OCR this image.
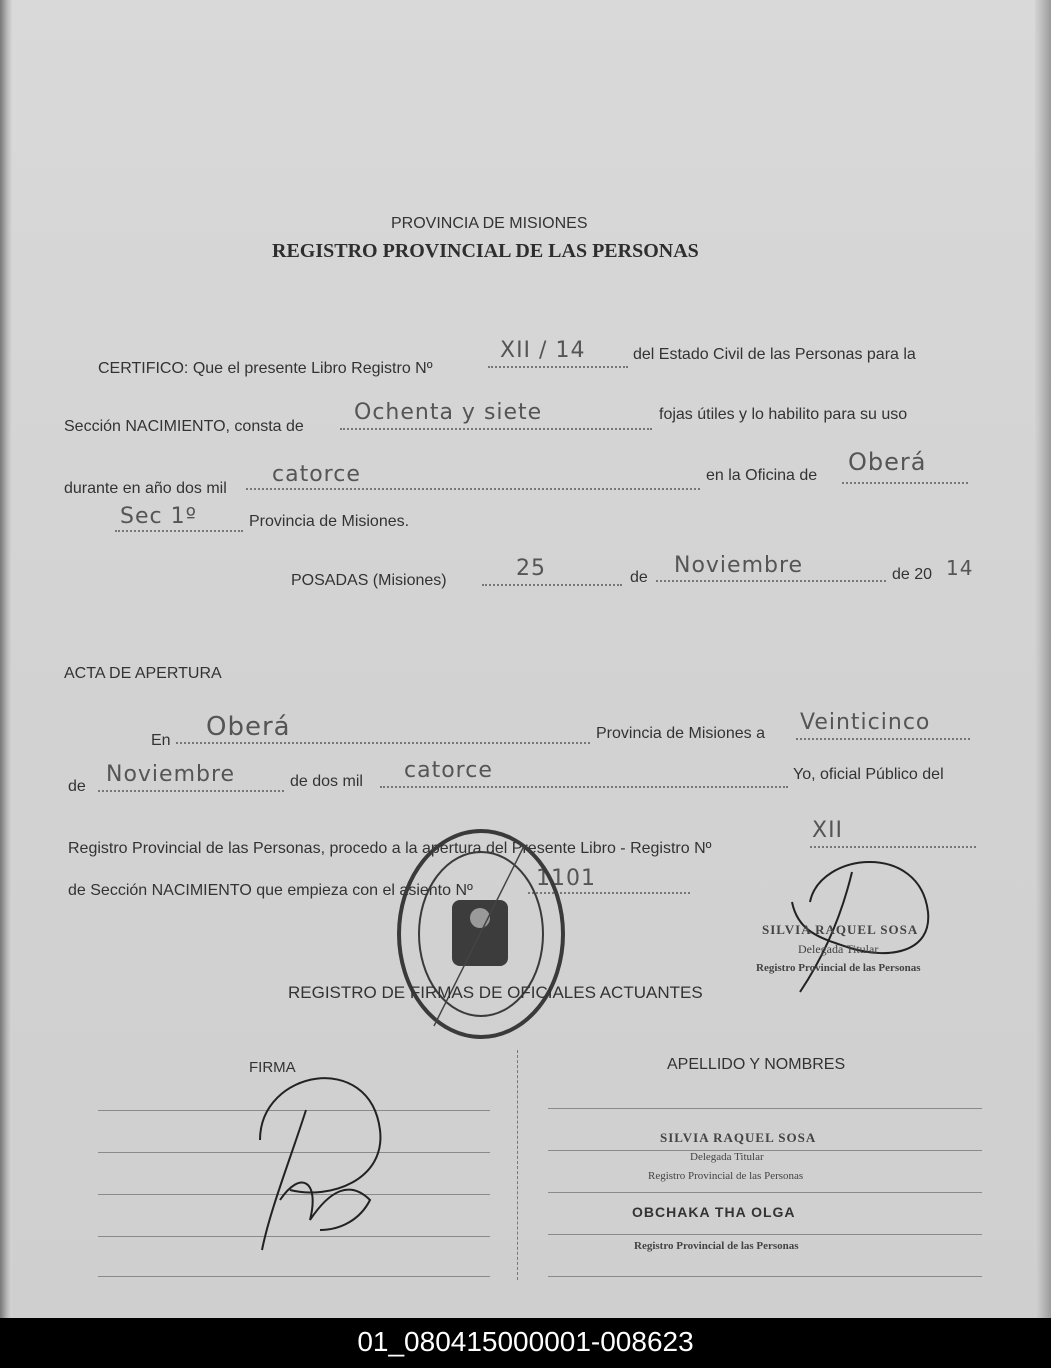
PROVINCIA DE MISIONES
REGISTRO PROVINCIAL DE LAS PERSONAS
CERTIFICO: Que el presente Libro Registro Nº
XII / 14	del Estado Civil de las Personas para la
Sección NACIMIENTO, consta de
Ochenta y siete	fojas útiles y lo habilito para su uso
durante en año dos mil
catorce	en la Oficina de Oberá
Sec 1º	Provincia de Misiones.
POSADAS (Misiones)	25	de Noviembre	de 20 14
ACTA DE APERTURA
En Oberá	Provincia de Misiones a Veinticinco
de Noviembre	de dos mil catorce	Yo, oficial Público del
Registro Provincial de las Personas, procedo a la apertura del Presente Libro - Registro Nº
XII
de Sección NACIMIENTO que empieza con el asiento Nº	1101
SILVIA RAQUEL SOSA
Delegada Titular
Registro Provincial de las Personas
REGISTRO DE FIRMAS DE OFICIALES ACTUANTES
FIRMA	APELLIDO Y NOMBRES
SILVIA RAQUEL SOSA
Delegada Titular
Registro Provincial de las Personas
OBCHAKA THA OLGA
Registro Provincial de las Personas
01_080415000001-008623
